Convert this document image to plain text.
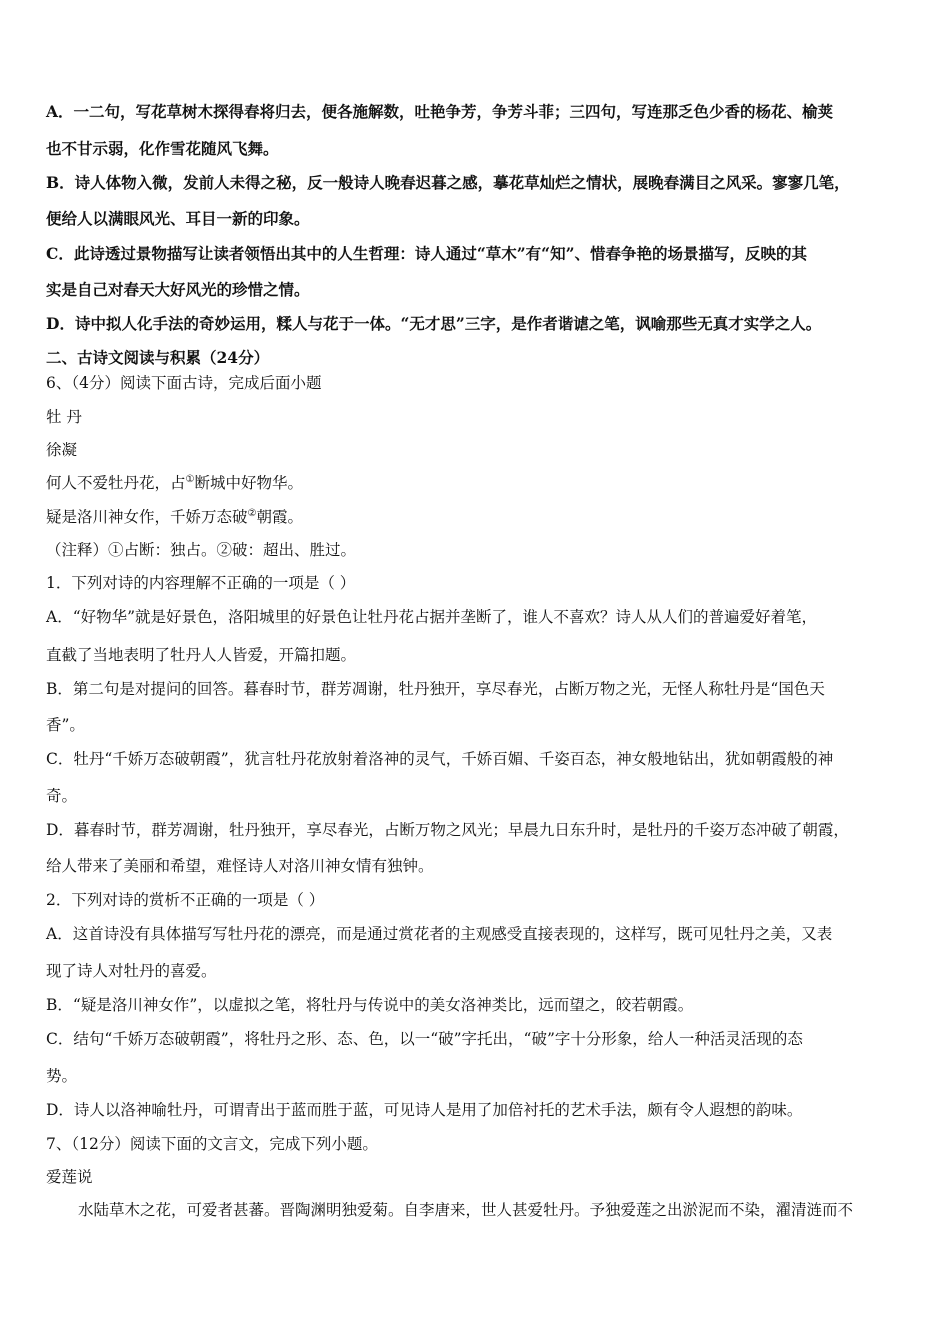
A．一二句，写花草树木探得春将归去，便各施解数，吐艳争芳，争芳斗菲；三四句，写连那乏色少香的杨花、榆荚
也不甘示弱，化作雪花随风飞舞。
B．诗人体物入微，发前人未得之秘，反一般诗人晚春迟暮之感，摹花草灿烂之情状，展晚春满目之风采。寥寥几笔，
便给人以满眼风光、耳目一新的印象。
C．此诗透过景物描写让读者领悟出其中的人生哲理：诗人通过“草木”有“知”、惜春争艳的场景描写，反映的其
实是自己对春天大好风光的珍惜之情。
D．诗中拟人化手法的奇妙运用，糅人与花于一体。“无才思”三字，是作者谐谑之笔，讽喻那些无真才实学之人。
二、古诗文阅读与积累（24分）
6、（4分）阅读下面古诗，完成后面小题
牡 丹
徐凝
何人不爱牡丹花，占①断城中好物华。
疑是洛川神女作，千娇万态破②朝霞。
（注释）①占断：独占。②破：超出、胜过。
1．下列对诗的内容理解不正确的一项是（ ）
A．“好物华”就是好景色，洛阳城里的好景色让牡丹花占据并垄断了，谁人不喜欢？诗人从人们的普遍爱好着笔，
直截了当地表明了牡丹人人皆爱，开篇扣题。
B．第二句是对提问的回答。暮春时节，群芳凋谢，牡丹独开，享尽春光，占断万物之光，无怪人称牡丹是“国色天
香”。
C．牡丹“千娇万态破朝霞”，犹言牡丹花放射着洛神的灵气，千娇百媚、千姿百态，神女般地钻出，犹如朝霞般的神
奇。
D．暮春时节，群芳凋谢，牡丹独开，享尽春光，占断万物之风光；早晨九日东升时，是牡丹的千姿万态冲破了朝霞，
给人带来了美丽和希望，难怪诗人对洛川神女情有独钟。
2．下列对诗的赏析不正确的一项是（ ）
A．这首诗没有具体描写写牡丹花的漂亮，而是通过赏花者的主观感受直接表现的，这样写，既可见牡丹之美，又表
现了诗人对牡丹的喜爱。
B．“疑是洛川神女作”，以虚拟之笔，将牡丹与传说中的美女洛神类比，远而望之，皎若朝霞。
C．结句“千娇万态破朝霞”，将牡丹之形、态、色，以一“破”字托出，“破”字十分形象，给人一种活灵活现的态
势。
D．诗人以洛神喻牡丹，可谓青出于蓝而胜于蓝，可见诗人是用了加倍衬托的艺术手法，颇有令人遐想的韵味。
7、（12分）阅读下面的文言文，完成下列小题。
爱莲说
水陆草木之花，可爱者甚蕃。晋陶渊明独爱菊。自李唐来，世人甚爱牡丹。予独爱莲之出淤泥而不染，濯清涟而不
